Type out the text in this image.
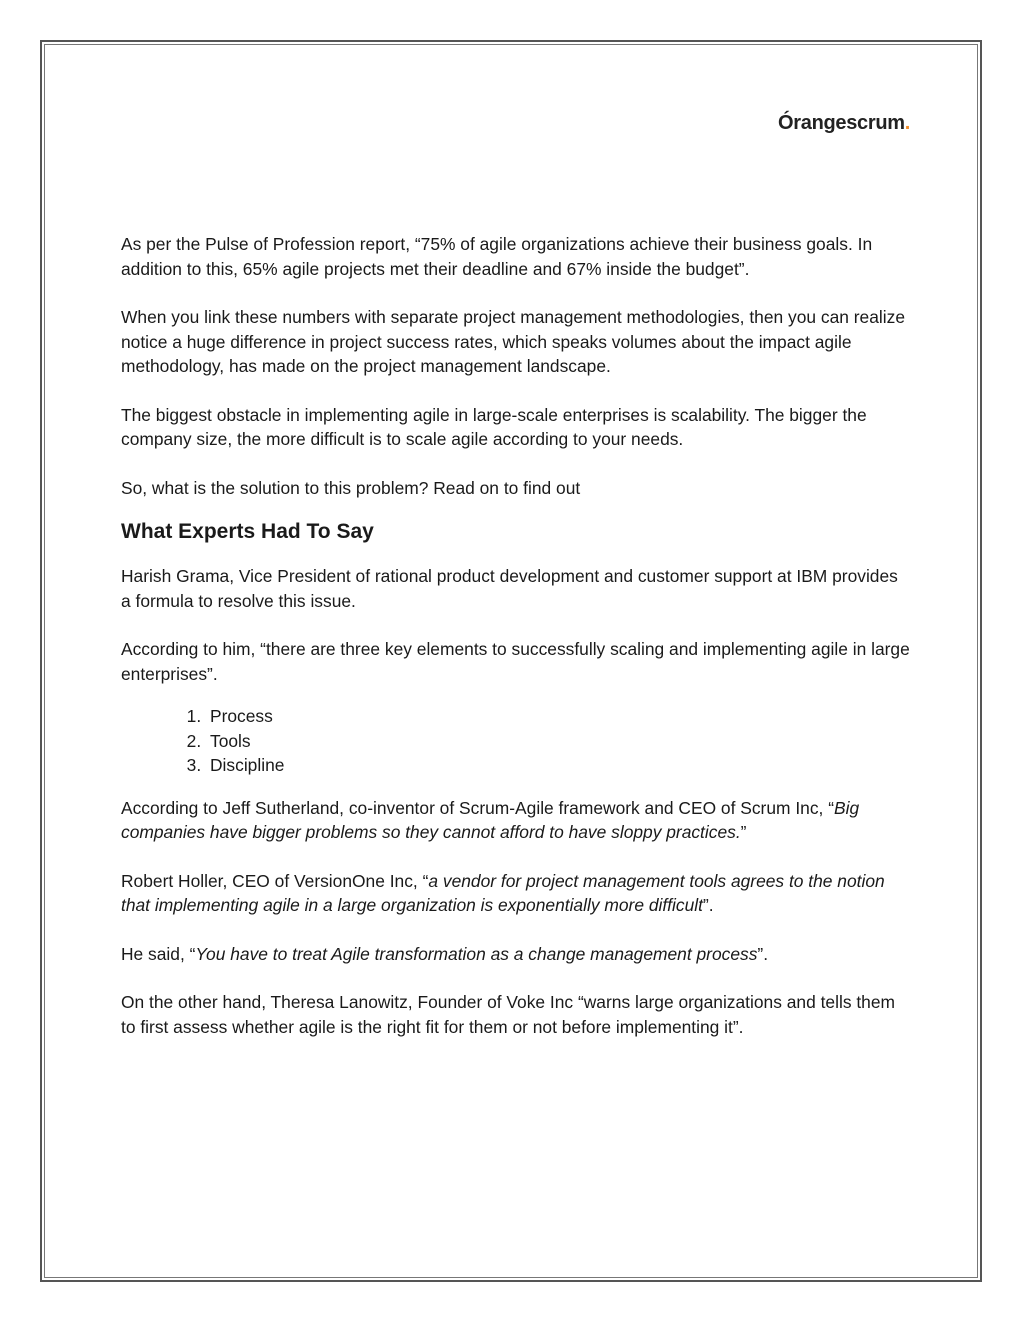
Órangescrum.

As per the Pulse of Profession report, “75% of agile organizations achieve their business goals. In addition to this, 65% agile projects met their deadline and 67% inside the budget”.

When you link these numbers with separate project management methodologies, then you can realize notice a huge difference in project success rates, which speaks volumes about the impact agile methodology, has made on the project management landscape.

The biggest obstacle in implementing agile in large-scale enterprises is scalability. The bigger the company size, the more difficult is to scale agile according to your needs.

So, what is the solution to this problem? Read on to find out

What Experts Had To Say

Harish Grama, Vice President of rational product development and customer support at IBM provides a formula to resolve this issue.

According to him, “there are three key elements to successfully scaling and implementing agile in large enterprises”.

1. Process
2. Tools
3. Discipline

According to Jeff Sutherland, co-inventor of Scrum-Agile framework and CEO of Scrum Inc, “Big companies have bigger problems so they cannot afford to have sloppy practices.”

Robert Holler, CEO of VersionOne Inc, “a vendor for project management tools agrees to the notion that implementing agile in a large organization is exponentially more difficult”.

He said, “You have to treat Agile transformation as a change management process”.

On the other hand, Theresa Lanowitz, Founder of Voke Inc “warns large organizations and tells them to first assess whether agile is the right fit for them or not before implementing it”.
